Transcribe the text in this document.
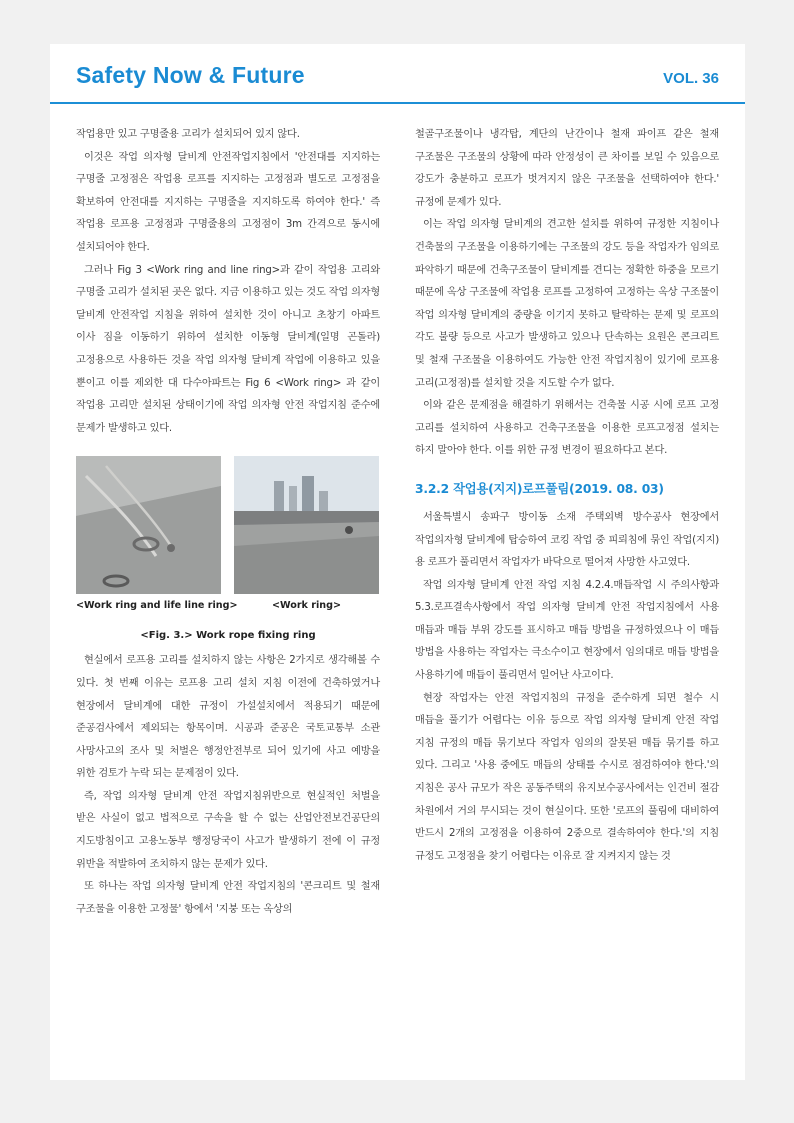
Safety Now & Future	VOL. 36

작업용만 있고 구명줄용 고리가 설치되어 있지 않다.

이것은 작업 의자형 달비계 안전작업지침에서 '안전대를 지지하는 구명줄 고정점은 작업용 로프를 지지하는 고정점과 별도로 고정점을 확보하여 안전대를 지지하는 구명줄을 지지하도록 하여야 한다.' 즉 작업용 로프용 고정점과 구명줄용의 고정점이 3m 간격으로 동시에 설치되어야 한다.

그러나 Fig 3 <Work ring and line ring>과 같이 작업용 고리와 구명줄 고리가 설치된 곳은 없다. 지금 이용하고 있는 것도 작업 의자형 달비계 안전작업 지침을 위하여 설치한 것이 아니고 초창기 아파트 이사 짐을 이동하기 위하여 설치한 이동형 달비계(일명 곤돌라) 고정용으로 사용하든 것을 작업 의자형 달비계 작업에 이용하고 있을 뿐이고 이를 제외한 대 다수아파트는 Fig 6 <Work ring> 과 같이 작업용 고리만 설치된 상태이기에 작업 의자형 안전 작업지침 준수에 문제가 발생하고 있다.

<Work ring and life line ring>	<Work ring>
<Fig. 3.> Work rope fixing ring

현실에서 로프용 고리를 설치하지 않는 사항은 2가지로 생각해볼 수 있다. 첫 번째 이유는 로프용 고리 설치 지침 이전에 건축하였거나 현장에서 달비계에 대한 규정이 가설설치에서 적용되기 때문에 준공검사에서 제외되는 항목이며. 시공과 준공은 국토교통부 소관 사망사고의 조사 및 처벌은 행정안전부로 되어 있기에 사고 예방을 위한 검토가 누락 되는 문제점이 있다.

즉, 작업 의자형 달비계 안전 작업지침위반으로 현실적인 처벌을 받은 사실이 없고 법적으로 구속을 할 수 없는 산업안전보건공단의 지도방침이고 고용노동부 행정당국이 사고가 발생하기 전에 이 규정 위반을 적발하여 조치하지 않는 문제가 있다.

또 하나는 작업 의자형 달비계 안전 작업지침의 '콘크리트 및 철재 구조물을 이용한 고정물' 항에서 '지붕 또는 옥상의

철골구조물이나 냉각탑, 계단의 난간이나 철재 파이프 같은 철재 구조물은 구조물의 상황에 따라 안정성이 큰 차이를 보일 수 있음으로 강도가 충분하고 로프가 벗겨지지 않은 구조물을 선택하여야 한다.' 규정에 문제가 있다.

이는 작업 의자형 달비계의 견고한 설치를 위하여 규정한 지침이나 건축물의 구조물을 이용하기에는 구조물의 강도 등을 작업자가 임의로 파악하기 때문에 건축구조물이 달비계를 견디는 정확한 하중을 모르기 때문에 옥상 구조물에 작업용 로프를 고정하여 고정하는 옥상 구조물이 작업 의자형 달비계의 중량을 이기지 못하고 탈락하는 문제 및 로프의 각도 불량 등으로 사고가 발생하고 있으나 단속하는 요원은 콘크리트 및 철재 구조물을 이용하여도 가능한 안전 작업지침이 있기에 로프용 고리(고정점)를 설치할 것을 지도할 수가 없다.

이와 같은 문제점을 해결하기 위해서는 건축물 시공 시에 로프 고정 고리를 설치하여 사용하고 건축구조물을 이용한 로프고정점 설치는 하지 말아야 한다. 이를 위한 규정 변경이 필요하다고 본다.

3.2.2 작업용(지지)로프풀림(2019. 08. 03)

서울특별시 송파구 방이동 소재 주택외벽 방수공사 현장에서 작업의자형 달비계에 탑승하여 코킹 작업 중 피뢰침에 묶인 작업(지지)용 로프가 풀리면서 작업자가 바닥으로 떨어져 사망한 사고였다.

작업 의자형 달비계 안전 작업 지침 4.2.4.매듭작업 시 주의사항과 5.3.로프결속사항에서 작업 의자형 달비계 안전 작업지침에서 사용 매듭과 매듭 부위 강도를 표시하고 매듭 방법을 규정하였으나 이 매듭 방법을 사용하는 작업자는 극소수이고 현장에서 임의대로 매듭 방법을 사용하기에 매듭이 풀리면서 일어난 사고이다.

현장 작업자는 안전 작업지침의 규정을 준수하게 되면 철수 시 매듭을 풀기가 어렵다는 이유 등으로 작업 의자형 달비계 안전 작업 지침 규정의 매듭 묶기보다 작업자 임의의 잘못된 매듭 묶기를 하고 있다. 그리고 '사용 중에도 매듭의 상태를 수시로 점검하여야 한다.'의 지침은 공사 규모가 작은 공동주택의 유지보수공사에서는 인건비 절감 차원에서 거의 무시되는 것이 현실이다. 또한 '로프의 풀림에 대비하여 반드시 2개의 고정점을 이용하여 2중으로 결속하여야 한다.'의 지침 규정도 고정점을 찾기 어렵다는 이유로 잘 지켜지지 않는 것
